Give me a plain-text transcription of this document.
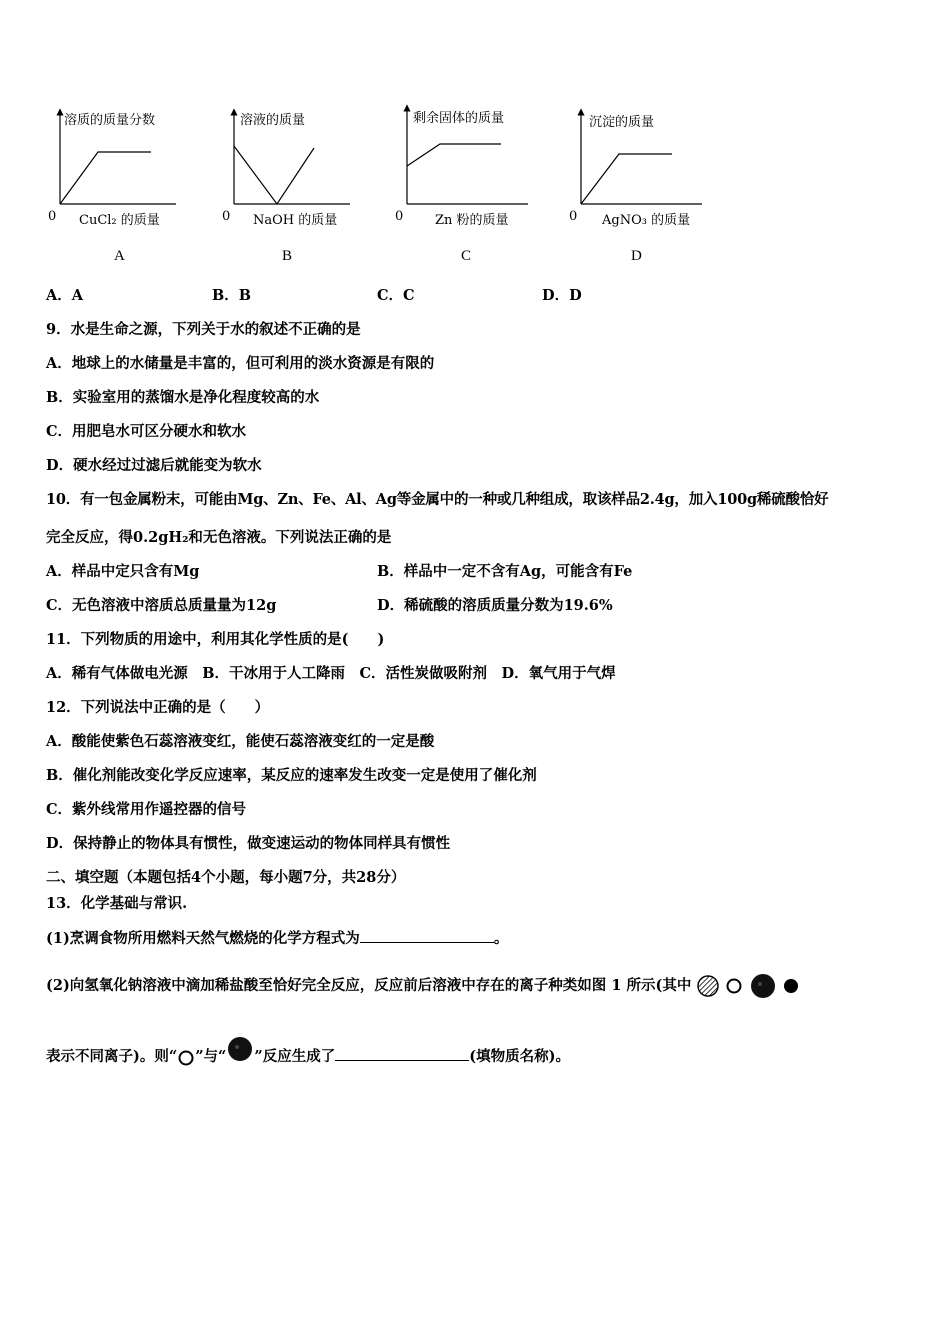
溶质的质量分数
0 CuCl₂ 的质量
A
溶液的质量
0 NaOH 的质量
B
剩余固体的质量
0 Zn 粉的质量
C
沉淀的质量
0 AgNO₃ 的质量
D
A．A	B．B	C．C	D．D
9．水是生命之源，下列关于水的叙述不正确的是
A．地球上的水储量是丰富的，但可利用的淡水资源是有限的
B．实验室用的蒸馏水是净化程度较高的水
C．用肥皂水可区分硬水和软水
D．硬水经过过滤后就能变为软水
10．有一包金属粉末，可能由Mg、Zn、Fe、Al、Ag等金属中的一种或几种组成，取该样品2.4g，加入100g稀硫酸恰好
完全反应，得0.2gH₂和无色溶液。下列说法正确的是
A．样品中定只含有Mg	B．样品中一定不含有Ag，可能含有Fe
C．无色溶液中溶质总质量量为12g	D．稀硫酸的溶质质量分数为19.6%
11．下列物质的用途中，利用其化学性质的是(　　)
A．稀有气体做电光源　B．干冰用于人工降雨　C．活性炭做吸附剂　D．氧气用于气焊
12．下列说法中正确的是（　　）
A．酸能使紫色石蕊溶液变红，能使石蕊溶液变红的一定是酸
B．催化剂能改变化学反应速率，某反应的速率发生改变一定是使用了催化剂
C．紫外线常用作遥控器的信号
D．保持静止的物体具有惯性，做变速运动的物体同样具有惯性
二、填空题（本题包括4个小题，每小题7分，共28分）
13．化学基础与常识.
(1)烹调食物所用燃料天然气燃烧的化学方程式为	。
(2)向氢氧化钠溶液中滴加稀盐酸至恰好完全反应，反应前后溶液中存在的离子种类如图 1 所示(其中
表示不同离子)。则“ ”与“ ”反应生成了	(填物质名称)。
